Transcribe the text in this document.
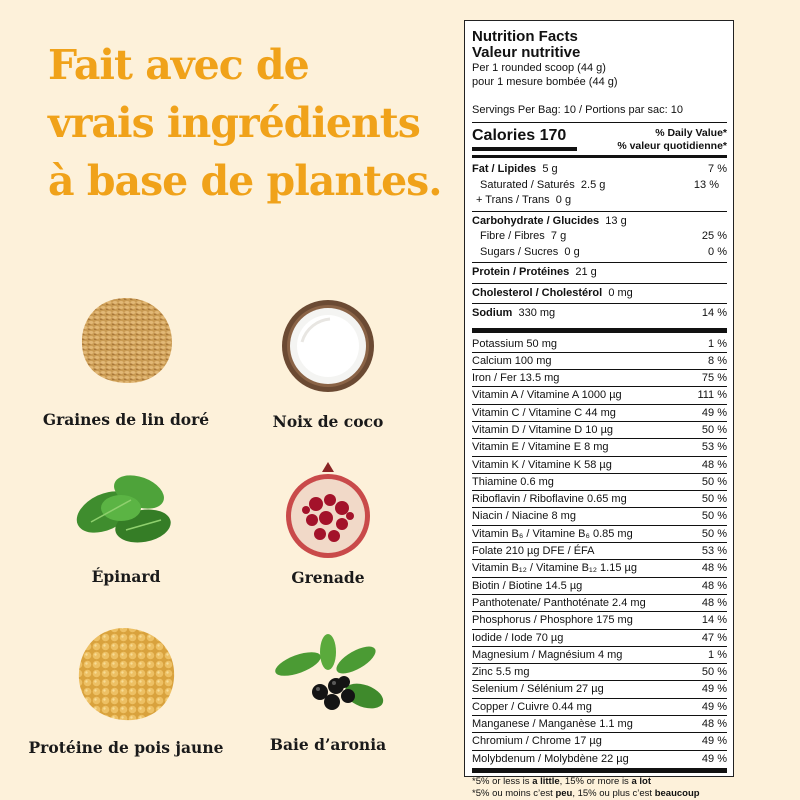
Fait avec de
vrais ingrédients
à base de plantes.
Graines de lin doré	Noix de coco
Épinard	Grenade
Protéine de pois jaune	Baie d’aronia
Nutrition Facts
Valeur nutritive
Per 1 rounded scoop (44 g)
pour 1 mesure bombée (44 g)
Servings Per Bag: 10 / Portions par sac: 10
Calories 170	% Daily Value*
% valeur quotidienne*
Fat / Lipides 5 g	7 %
Saturated / Saturés 2.5 g	13 %
+ Trans / Trans 0 g
Carbohydrate / Glucides 13 g
Fibre / Fibres 7 g	25 %
Sugars / Sucres 0 g	0 %
Protein / Protéines 21 g
Cholesterol / Cholestérol 0 mg
Sodium 330 mg	14 %
Potassium 50 mg	1 %
Calcium 100 mg	8 %
Iron / Fer 13.5 mg	75 %
Vitamin A / Vitamine A 1000 µg	111 %
Vitamin C / Vitamine C 44 mg	49 %
Vitamin D / Vitamine D 10 µg	50 %
Vitamin E / Vitamine E 8 mg	53 %
Vitamin K / Vitamine K 58 µg	48 %
Thiamine 0.6 mg	50 %
Riboflavin / Riboflavine 0.65 mg	50 %
Niacin / Niacine 8 mg	50 %
Vitamin B₆ / Vitamine B₆ 0.85 mg	50 %
Folate 210 µg DFE / ÉFA	53 %
Vitamin B₁₂ / Vitamine B₁₂ 1.15 µg	48 %
Biotin / Biotine 14.5 µg	48 %
Panthotenate/ Panthoténate 2.4 mg	48 %
Phosphorus / Phosphore 175 mg	14 %
Iodide / Iode 70 µg	47 %
Magnesium / Magnésium 4 mg	1 %
Zinc 5.5 mg	50 %
Selenium / Sélénium 27 µg	49 %
Copper / Cuivre 0.44 mg	49 %
Manganese / Manganèse 1.1 mg	48 %
Chromium / Chrome 17 µg	49 %
Molybdenum / Molybdène 22 µg	49 %
*5% or less is a little, 15% or more is a lot
*5% ou moins c’est peu, 15% ou plus c’est beaucoup
